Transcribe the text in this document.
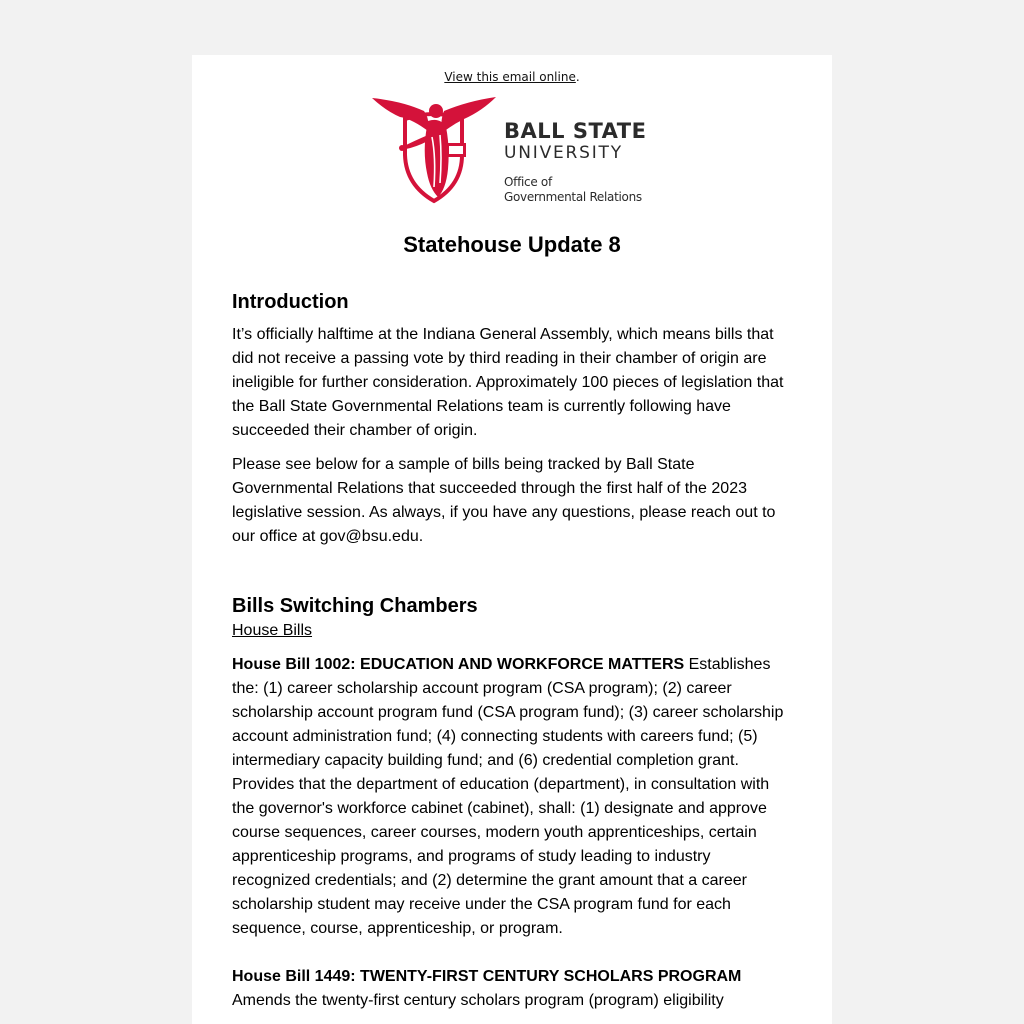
View this email online.
BALL STATE
UNIVERSITY
Office of
Governmental Relations
Statehouse Update 8
Introduction

It’s officially halftime at the Indiana General Assembly, which means bills that did not receive a passing vote by third reading in their chamber of origin are ineligible for further consideration. Approximately 100 pieces of legislation that the Ball State Governmental Relations team is currently following have succeeded their chamber of origin.

Please see below for a sample of bills being tracked by Ball State Governmental Relations that succeeded through the first half of the 2023 legislative session. As always, if you have any questions, please reach out to our office at gov@bsu.edu.

Bills Switching Chambers
House Bills

House Bill 1002: EDUCATION AND WORKFORCE MATTERS Establishes the: (1) career scholarship account program (CSA program); (2) career scholarship account program fund (CSA program fund); (3) career scholarship account administration fund; (4) connecting students with careers fund; (5) intermediary capacity building fund; and (6) credential completion grant. Provides that the department of education (department), in consultation with the governor's workforce cabinet (cabinet), shall: (1) designate and approve course sequences, career courses, modern youth apprenticeships, certain apprenticeship programs, and programs of study leading to industry recognized credentials; and (2) determine the grant amount that a career scholarship student may receive under the CSA program fund for each sequence, course, apprenticeship, or program.

House Bill 1449: TWENTY-FIRST CENTURY SCHOLARS PROGRAM
Amends the twenty-first century scholars program (program) eligibility
